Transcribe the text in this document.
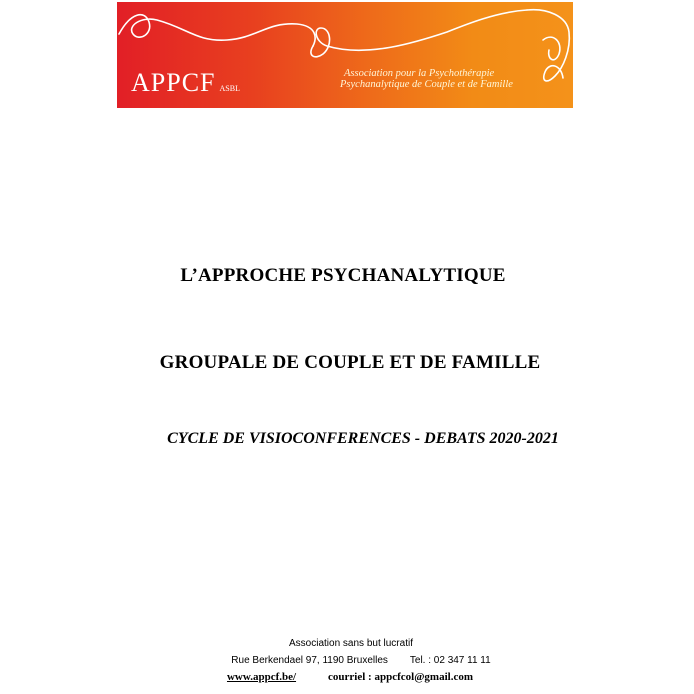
APPCF ASBL
Association pour la Psychothérapie
Psychanalytique de Couple et de Famille
L’APPROCHE PSYCHANALYTIQUE
GROUPALE DE COUPLE ET DE FAMILLE
CYCLE DE VISIOCONFERENCES - DEBATS 2020-2021
Association sans but lucratif
Rue Berkendael 97, 1190 Bruxelles Tel. : 02 347 11 11
www.appcf.be/	courriel : appcfcol@gmail.com
